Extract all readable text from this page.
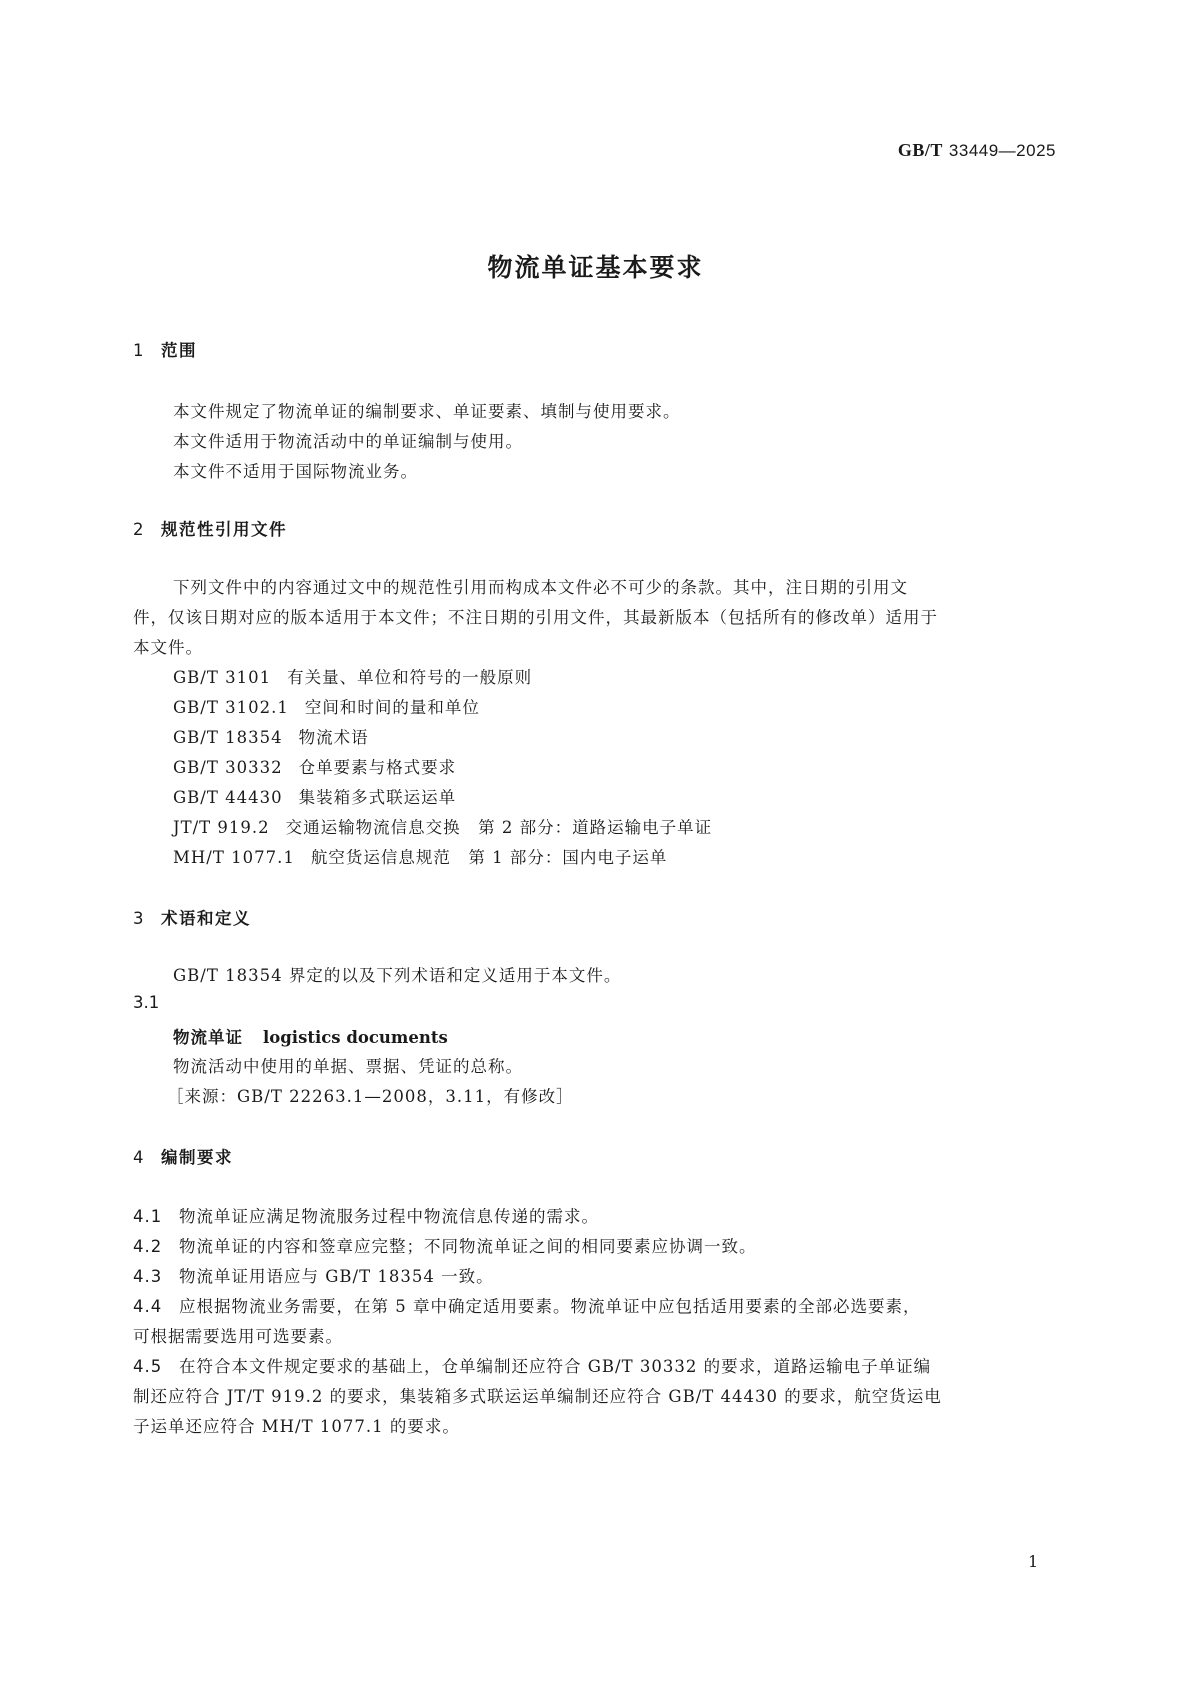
GB/T 33449—2025
物流单证基本要求
1 范围
本文件规定了物流单证的编制要求、单证要素、填制与使用要求。
本文件适用于物流活动中的单证编制与使用。
本文件不适用于国际物流业务。
2 规范性引用文件
下列文件中的内容通过文中的规范性引用而构成本文件必不可少的条款。其中，注日期的引用文
件，仅该日期对应的版本适用于本文件；不注日期的引用文件，其最新版本（包括所有的修改单）适用于
本文件。
GB/T 3101 有关量、单位和符号的一般原则
GB/T 3102.1 空间和时间的量和单位
GB/T 18354 物流术语
GB/T 30332 仓单要素与格式要求
GB/T 44430 集装箱多式联运运单
JT/T 919.2 交通运输物流信息交换　第 2 部分：道路运输电子单证
MH/T 1077.1 航空货运信息规范　第 1 部分：国内电子运单
3 术语和定义
GB/T 18354 界定的以及下列术语和定义适用于本文件。
3.1
物流单证 logistics documents
物流活动中使用的单据、票据、凭证的总称。
［来源：GB/T 22263.1—2008，3.11，有修改］
4 编制要求
4.1 物流单证应满足物流服务过程中物流信息传递的需求。
4.2 物流单证的内容和签章应完整；不同物流单证之间的相同要素应协调一致。
4.3 物流单证用语应与 GB/T 18354 一致。
4.4 应根据物流业务需要，在第 5 章中确定适用要素。物流单证中应包括适用要素的全部必选要素，
可根据需要选用可选要素。
4.5 在符合本文件规定要求的基础上，仓单编制还应符合 GB/T 30332 的要求，道路运输电子单证编
制还应符合 JT/T 919.2 的要求，集装箱多式联运运单编制还应符合 GB/T 44430 的要求，航空货运电
子运单还应符合 MH/T 1077.1 的要求。
1
